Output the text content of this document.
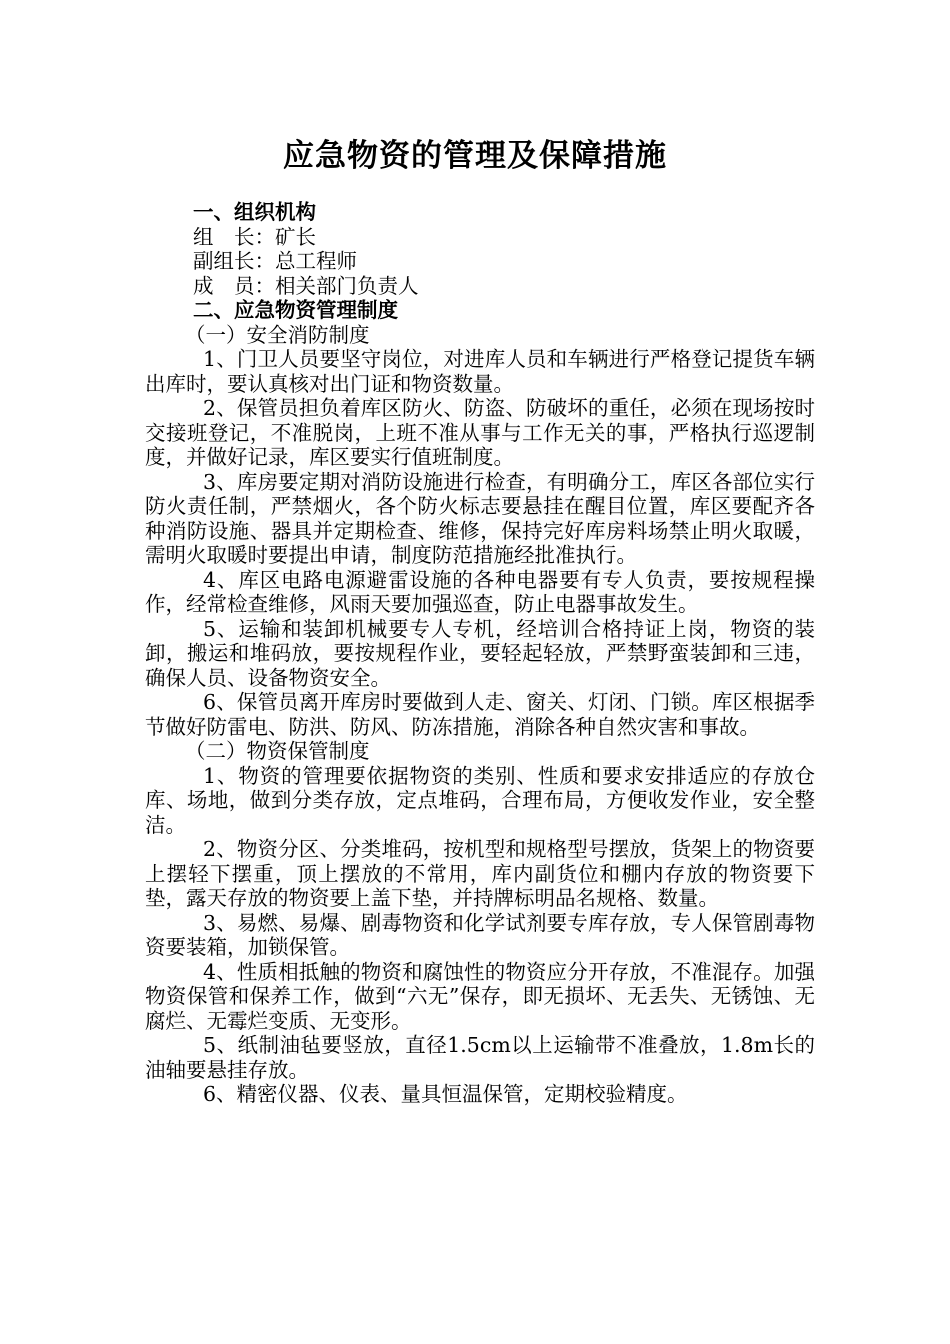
应急物资的管理及保障措施
一、组织机构
组　长：矿长
副组长：总工程师
成　员：相关部门负责人
二、应急物资管理制度
（一）安全消防制度
1、门卫人员要坚守岗位，对进库人员和车辆进行严格登记提货车辆出库时，要认真核对出门证和物资数量。
2、保管员担负着库区防火、防盗、防破坏的重任，必须在现场按时交接班登记，不准脱岗，上班不准从事与工作无关的事，严格执行巡逻制度，并做好记录，库区要实行值班制度。
3、库房要定期对消防设施进行检查，有明确分工，库区各部位实行防火责任制，严禁烟火，各个防火标志要悬挂在醒目位置，库区要配齐各种消防设施、器具并定期检查、维修，保持完好库房料场禁止明火取暖，需明火取暖时要提出申请，制度防范措施经批准执行。
4、库区电路电源避雷设施的各种电器要有专人负责，要按规程操作，经常检查维修，风雨天要加强巡查，防止电器事故发生。
5、运输和装卸机械要专人专机，经培训合格持证上岗，物资的装卸，搬运和堆码放，要按规程作业，要轻起轻放，严禁野蛮装卸和三违，确保人员、设备物资安全。
6、保管员离开库房时要做到人走、窗关、灯闭、门锁。库区根据季节做好防雷电、防洪、防风、防冻措施，消除各种自然灾害和事故。
（二）物资保管制度
1、物资的管理要依据物资的类别、性质和要求安排适应的存放仓库、场地，做到分类存放，定点堆码，合理布局，方便收发作业，安全整洁。
2、物资分区、分类堆码，按机型和规格型号摆放，货架上的物资要上摆轻下摆重，顶上摆放的不常用，库内副货位和棚内存放的物资要下垫，露天存放的物资要上盖下垫，并持牌标明品名规格、数量。
3、易燃、易爆、剧毒物资和化学试剂要专库存放，专人保管剧毒物资要装箱，加锁保管。
4、性质相抵触的物资和腐蚀性的物资应分开存放，不准混存。加强物资保管和保养工作，做到“六无”保存，即无损坏、无丢失、无锈蚀、无腐烂、无霉烂变质、无变形。
5、纸制油毡要竖放，直径1.5cm以上运输带不准叠放，1.8m长的油轴要悬挂存放。
6、精密仪器、仪表、量具恒温保管，定期校验精度。
